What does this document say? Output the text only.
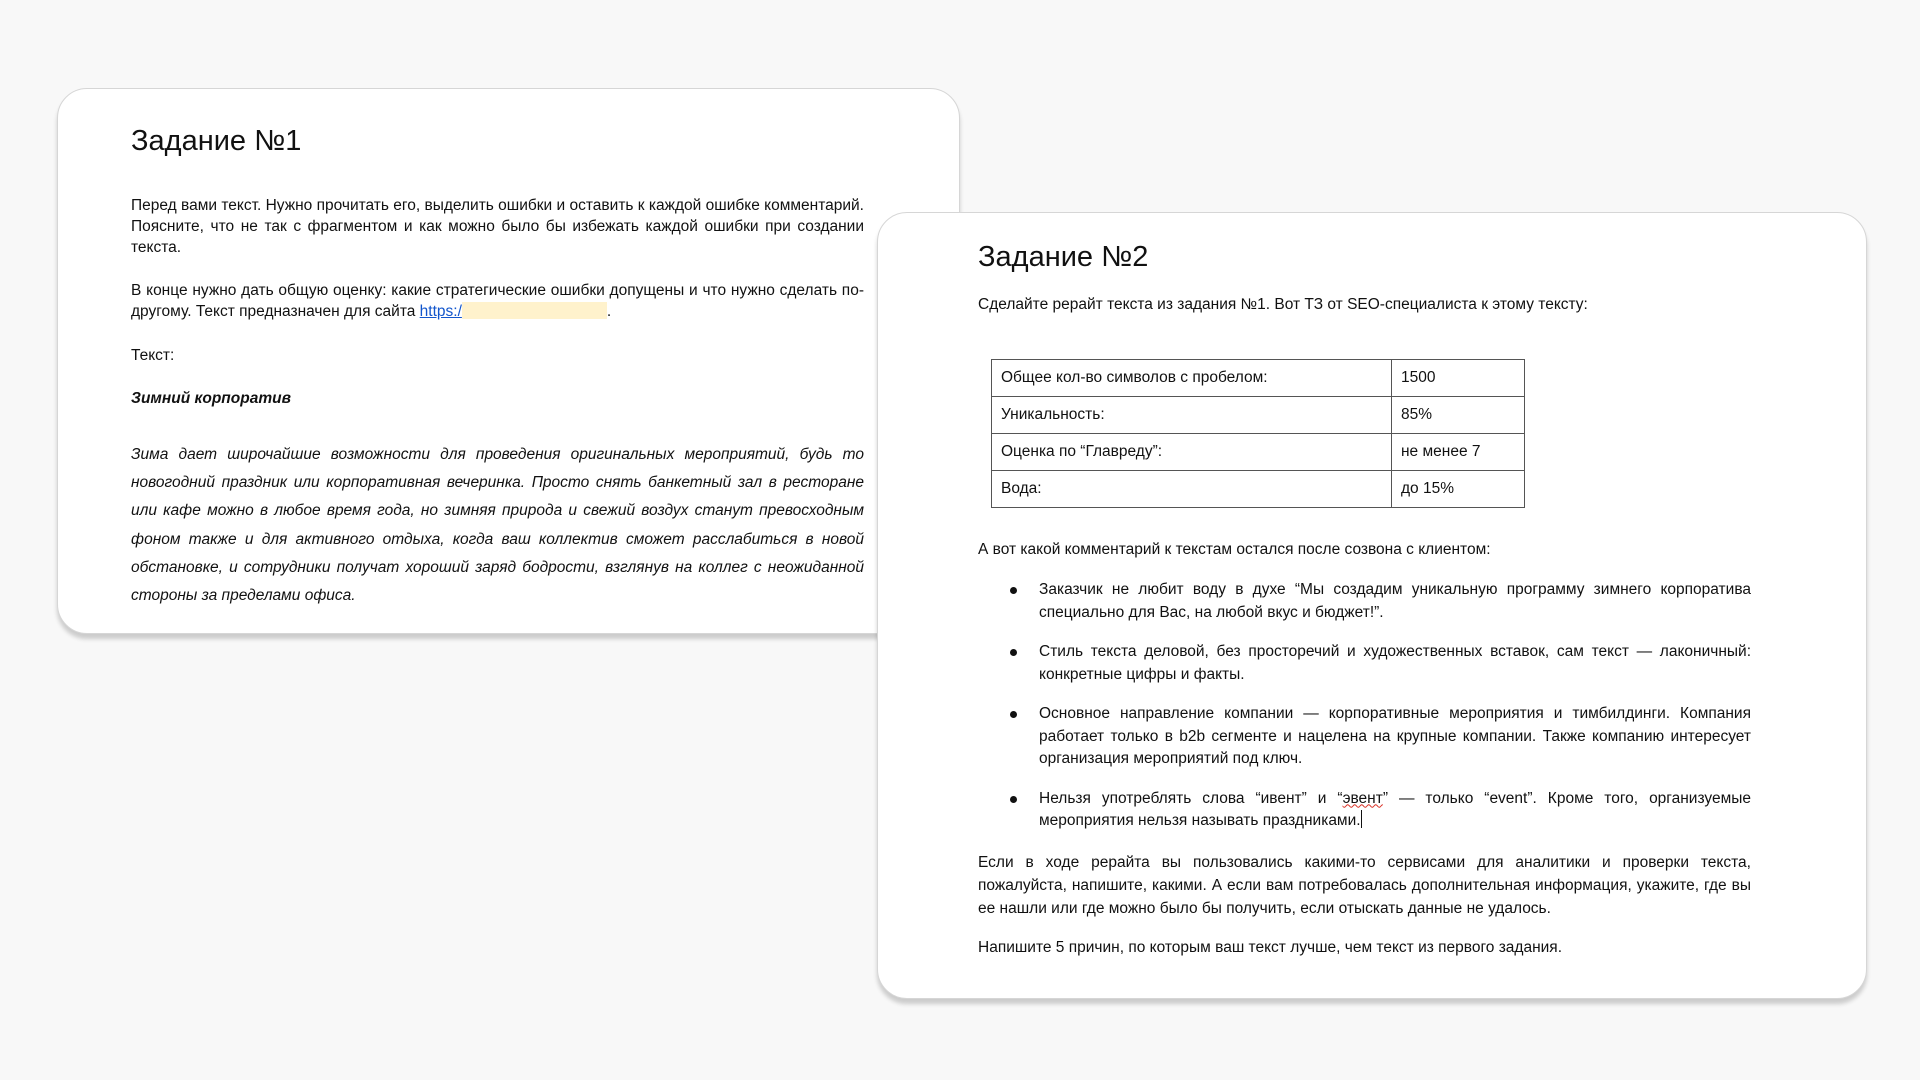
Задание №1

Перед вами текст. Нужно прочитать его, выделить ошибки и оставить к каждой ошибке комментарий. Поясните, что не так с фрагментом и как можно было бы избежать каждой ошибки при создании текста.

В конце нужно дать общую оценку: какие стратегические ошибки допущены и что нужно сделать по-другому. Текст предназначен для сайта https:/	.

Текст:

Зимний корпоратив

Зима дает широчайшие возможности для проведения оригинальных мероприятий, будь то новогодний праздник или корпоративная вечеринка. Просто снять банкетный зал в ресторане или кафе можно в любое время года, но зимняя природа и свежий воздух станут превосходным фоном также и для активного отдыха, когда ваш коллектив сможет расслабиться в новой обстановке, и сотрудники получат хороший заряд бодрости, взглянув на коллег с неожиданной стороны за пределами офиса.

Задание №2

Сделайте рерайт текста из задания №1. Вот ТЗ от SEO-специалиста к этому тексту:

Общее кол-во символов с пробелом:	1500
Уникальность:	85%
Оценка по “Главреду”:	не менее 7
Вода:	до 15%

А вот какой комментарий к текстам остался после созвона с клиентом:

Заказчик не любит воду в духе “Мы создадим уникальную программу зимнего корпоратива специально для Вас, на любой вкус и бюджет!”.
Стиль текста деловой, без просторечий и художественных вставок, сам текст — лаконичный: конкретные цифры и факты.
Основное направление компании — корпоративные мероприятия и тимбилдинги. Компания работает только в b2b сегменте и нацелена на крупные компании. Также компанию интересует организация мероприятий под ключ.
Нельзя употреблять слова “ивент” и “эвент” — только “event”. Кроме того, организуемые мероприятия нельзя называть праздниками.

Если в ходе рерайта вы пользовались какими-то сервисами для аналитики и проверки текста, пожалуйста, напишите, какими. А если вам потребовалась дополнительная информация, укажите, где вы ее нашли или где можно было бы получить, если отыскать данные не удалось.

Напишите 5 причин, по которым ваш текст лучше, чем текст из первого задания.
